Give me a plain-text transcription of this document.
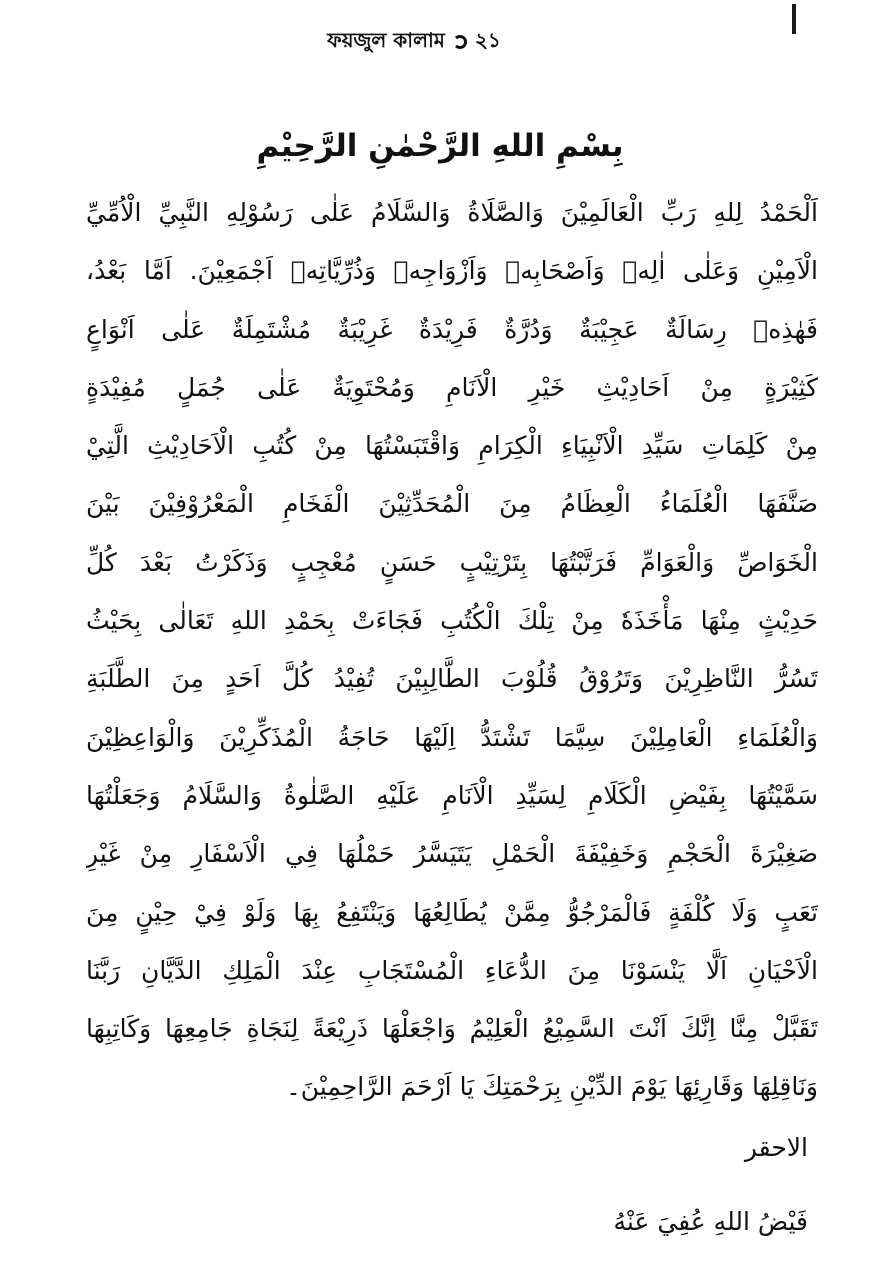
ফয়জুল কালাম ২১
بِسْمِ اللهِ الرَّحْمٰنِ الرَّحِيْمِ
اَلْحَمْدُ لِلهِ رَبِّ الْعَالَمِيْنَ وَالصَّلَاةُ وَالسَّلَامُ عَلٰى رَسُوْلِهِ النَّبِيِّ الْاُمِّيِّ
الْاَمِيْنِ وَعَلٰى اٰلِهٖ وَاَصْحَابِهٖ وَاَزْوَاجِهٖ وَذُرِّيَّاتِهٖ اَجْمَعِيْنَ. اَمَّا بَعْدُ،
فَهٰذِهٖ رِسَالَةٌ عَجِيْبَةٌ وَدُرَّةٌ فَرِيْدَةٌ غَرِيْبَةٌ مُشْتَمِلَةٌ عَلٰى اَنْوَاعٍ
كَثِيْرَةٍ مِنْ اَحَادِيْثِ خَيْرِ الْاَنَامِ وَمُحْتَوِيَةٌ عَلٰى جُمَلٍ مُفِيْدَةٍ
مِنْ كَلِمَاتِ سَيِّدِ الْاَنْبِيَاءِ الْكِرَامِ وَاقْتَبَسْتُهَا مِنْ كُتُبِ الْاَحَادِيْثِ الَّتِيْ
صَنَّفَهَا الْعُلَمَاءُ الْعِظَامُ مِنَ الْمُحَدِّثِيْنَ الْفَخَامِ الْمَعْرُوْفِيْنَ بَيْنَ
الْخَوَاصِّ وَالْعَوَامِّ فَرَتَّبْتُهَا بِتَرْتِيْبٍ حَسَنٍ مُعْجِبٍ وَذَكَرْتُ بَعْدَ كُلِّ
حَدِيْثٍ مِنْهَا مَأْخَذَهٗ مِنْ تِلْكَ الْكُتُبِ فَجَاءَتْ بِحَمْدِ اللهِ تَعَالٰى بِحَيْثُ
تَسُرُّ النَّاظِرِيْنَ وَتَرُوْقُ قُلُوْبَ الطَّالِبِيْنَ تُفِيْدُ كُلَّ اَحَدٍ مِنَ الطَّلَبَةِ
وَالْعُلَمَاءِ الْعَامِلِيْنَ سِيَّمَا تَشْتَدُّ اِلَيْهَا حَاجَةُ الْمُذَكِّرِيْنَ وَالْوَاعِظِيْنَ
سَمَّيْتُهَا بِفَيْضِ الْكَلَامِ لِسَيِّدِ الْاَنَامِ عَلَيْهِ الصَّلٰوةُ وَالسَّلَامُ وَجَعَلْتُهَا
صَغِيْرَةَ الْحَجْمِ وَخَفِيْفَةَ الْحَمْلِ يَتَيَسَّرُ حَمْلُهَا فِي الْاَسْفَارِ مِنْ غَيْرِ
تَعَبٍ وَلَا كُلْفَةٍ فَالْمَرْجُوُّ مِمَّنْ يُطَالِعُهَا وَيَنْتَفِعُ بِهَا وَلَوْ فِيْ حِيْنٍ مِنَ
الْاَحْيَانِ اَلَّا يَنْسَوْنَا مِنَ الدُّعَاءِ الْمُسْتَجَابِ عِنْدَ الْمَلِكِ الدَّيَّانِ رَبَّنَا
تَقَبَّلْ مِنَّا اِنَّكَ اَنْتَ السَّمِيْعُ الْعَلِيْمُ وَاجْعَلْهَا ذَرِيْعَةً لِنَجَاةِ جَامِعِهَا وَكَاتِبِهَا
وَنَاقِلِهَا وَقَارِئِهَا يَوْمَ الدِّيْنِ بِرَحْمَتِكَ يَا اَرْحَمَ الرَّاحِمِيْنَ۔
الاحقر
فَيْضُ اللهِ عُفِيَ عَنْهُ
